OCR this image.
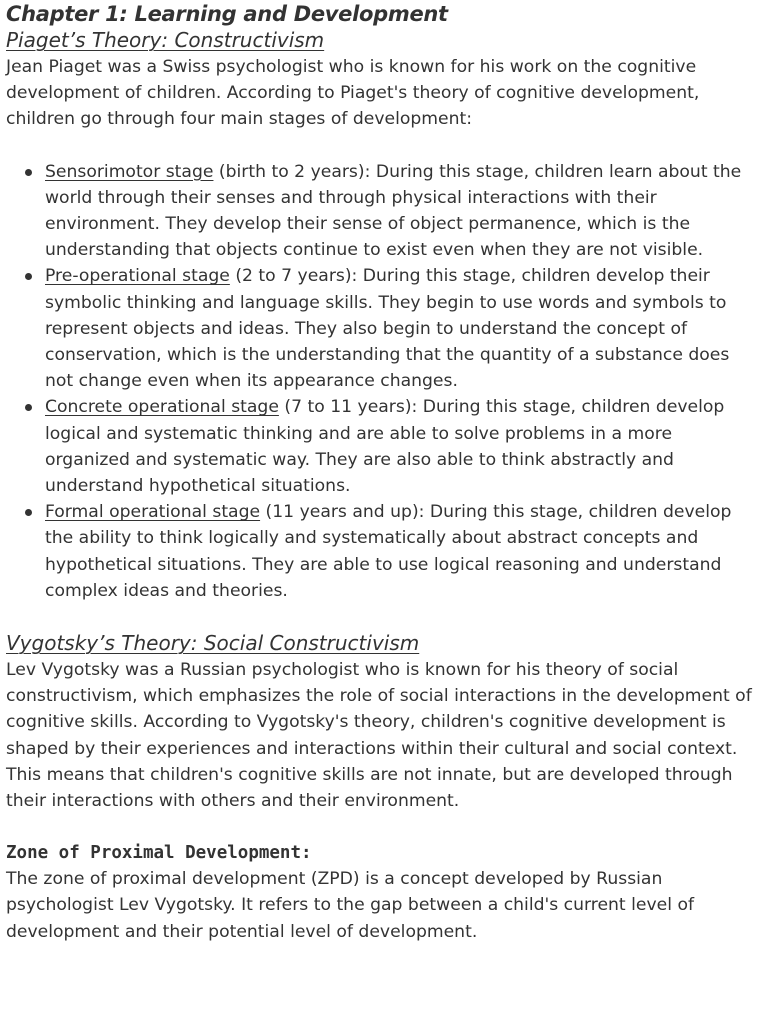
Chapter 1: Learning and Development
Piaget’s Theory: Constructivism

Jean Piaget was a Swiss psychologist who is known for his work on the cognitive development of children. According to Piaget's theory of cognitive development, children go through four main stages of development:

Sensorimotor stage (birth to 2 years): During this stage, children learn about the world through their senses and through physical interactions with their environment. They develop their sense of object permanence, which is the understanding that objects continue to exist even when they are not visible.
Pre-operational stage (2 to 7 years): During this stage, children develop their symbolic thinking and language skills. They begin to use words and symbols to represent objects and ideas. They also begin to understand the concept of conservation, which is the understanding that the quantity of a substance does not change even when its appearance changes.
Concrete operational stage (7 to 11 years): During this stage, children develop logical and systematic thinking and are able to solve problems in a more organized and systematic way. They are also able to think abstractly and understand hypothetical situations.
Formal operational stage (11 years and up): During this stage, children develop the ability to think logically and systematically about abstract concepts and hypothetical situations. They are able to use logical reasoning and understand complex ideas and theories.
Vygotsky’s Theory: Social Constructivism

Lev Vygotsky was a Russian psychologist who is known for his theory of social constructivism, which emphasizes the role of social interactions in the development of cognitive skills. According to Vygotsky's theory, children's cognitive development is shaped by their experiences and interactions within their cultural and social context. This means that children's cognitive skills are not innate, but are developed through their interactions with others and their environment.

Zone of Proximal Development:

The zone of proximal development (ZPD) is a concept developed by Russian psychologist Lev Vygotsky. It refers to the gap between a child's current level of development and their potential level of development.
